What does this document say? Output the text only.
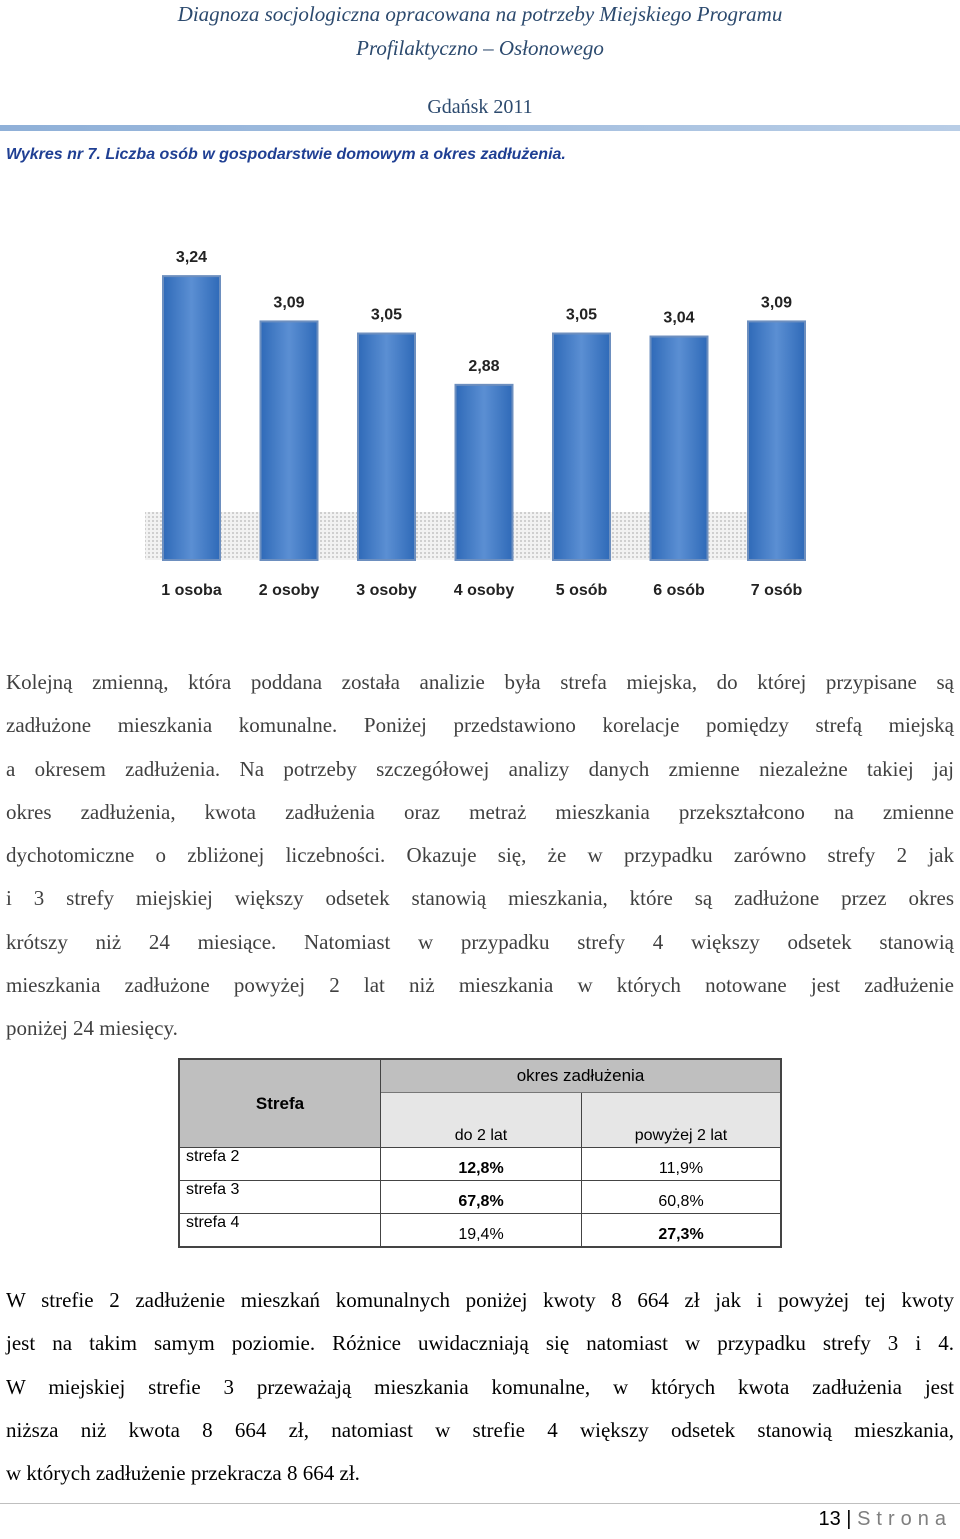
Diagnoza socjologiczna opracowana na potrzeby Miejskiego Programu
Profilaktyczno – Osłonowego
Gdańsk 2011
Wykres nr 7. Liczba osób w gospodarstwie domowym a okres zadłużenia.
3,24
3,09
3,05
2,88
3,05	3,04
3,09
1 osoba 2 osoby 3 osoby 4 osoby	5 osób	6 osób	7 osób
Kolejną zmienną, która poddana została analizie była strefa miejska, do której przypisane są
zadłużone mieszkania komunalne. Poniżej przedstawiono korelacje pomiędzy strefą miejską
a okresem zadłużenia. Na potrzeby szczegółowej analizy danych zmienne niezależne takiej jaj
okres zadłużenia, kwota zadłużenia oraz metraż mieszkania przekształcono na zmienne
dychotomiczne o zbliżonej liczebności. Okazuje się, że w przypadku zarówno strefy 2 jak
i 3 strefy miejskiej większy odsetek stanowią mieszkania, które są zadłużone przez okres
krótszy niż 24 miesiące. Natomiast w przypadku strefy 4 większy odsetek stanowią
mieszkania zadłużone powyżej 2 lat niż mieszkania w których notowane jest zadłużenie
poniżej 24 miesięcy.
Strefa	okres zadłużenia	
	do 2 lat	powyżej 2 lat
strefa 2	12,8%	11,9%
strefa 3	67,8%	60,8%
strefa 4	19,4%	27,3%
W strefie 2 zadłużenie mieszkań komunalnych poniżej kwoty 8 664 zł jak i powyżej tej kwoty
jest na takim samym poziomie. Różnice uwidaczniają się natomiast w przypadku strefy 3 i 4.
W miejskiej strefie 3 przeważają mieszkania komunalne, w których kwota zadłużenia jest
niższa niż kwota 8 664 zł, natomiast w strefie 4 większy odsetek stanowią mieszkania,
w których zadłużenie przekracza 8 664 zł.
13 | Strona
